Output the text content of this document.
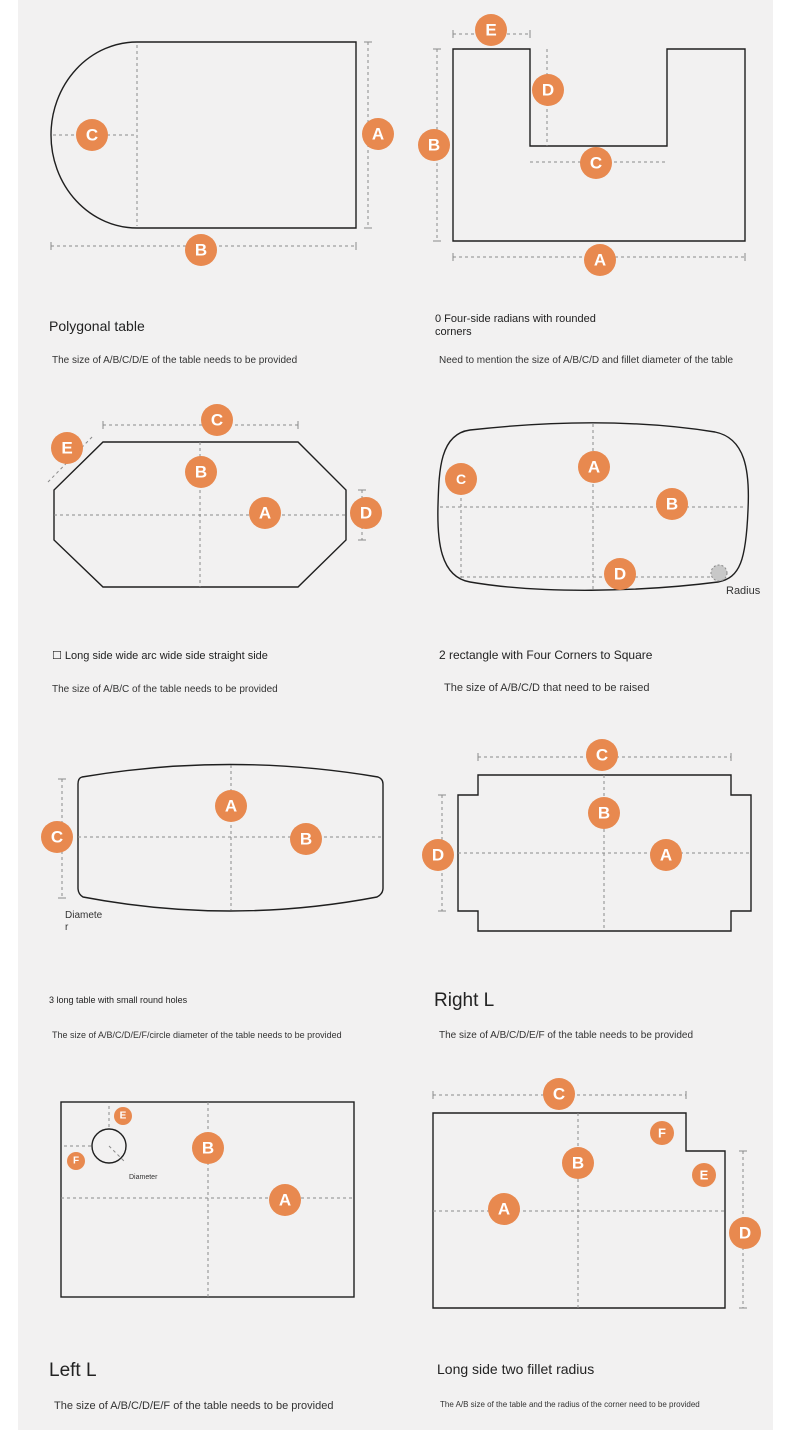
C	A
B
E
D
B
C
A
C
E
B
A	D
Radius
A
C
B
D
Diamete
r
A
C	B
C
B
D	A
Diameter
E
F
B
A
C
F
B
E
A
D

Polygonal table

The size of A/B/C/D/E of the table needs to be provided

0 Four-side radians with rounded corners

Need to mention the size of A/B/C/D and fillet diameter of the table

☐ Long side wide arc wide side straight side

The size of A/B/C of the table needs to be provided

2 rectangle with Four Corners to Square

The size of A/B/C/D that need to be raised

3 long table with small round holes

The size of A/B/C/D/E/F/circle diameter of the table needs to be provided

Right L

The size of A/B/C/D/E/F of the table needs to be provided

Left L

The size of A/B/C/D/E/F of the table needs to be provided

Long side two fillet radius

The A/B size of the table and the radius of the corner need to be provided
